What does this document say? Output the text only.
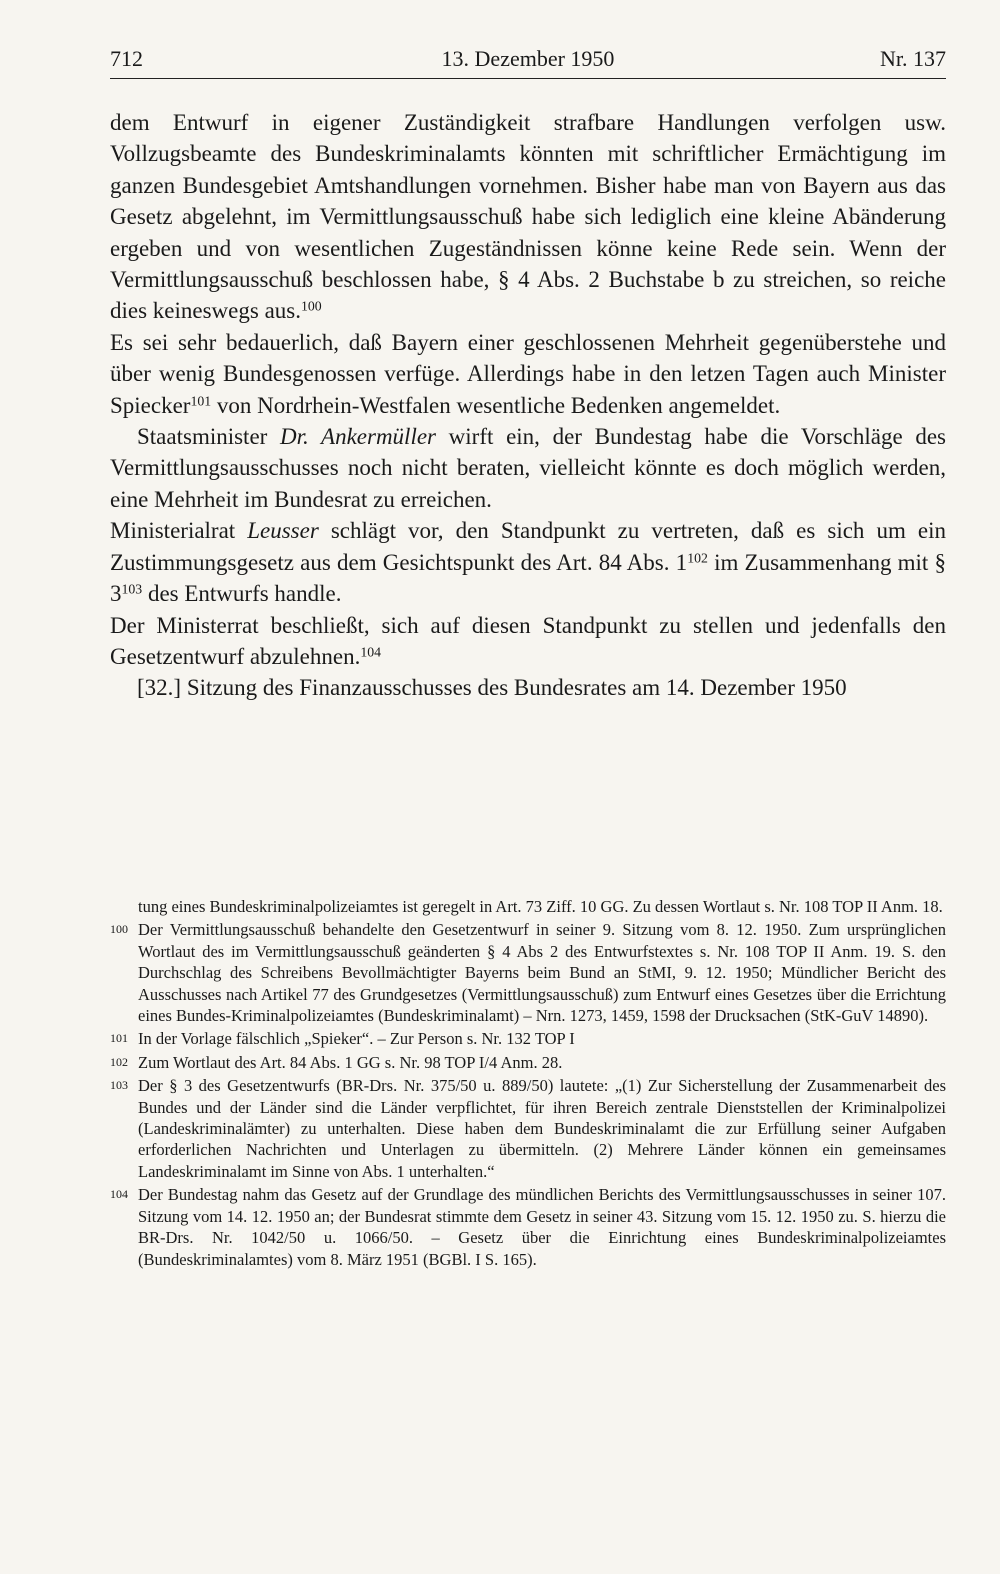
712	13. Dezember 1950	Nr. 137

dem Entwurf in eigener Zuständigkeit strafbare Handlungen verfolgen usw. Vollzugsbeamte des Bundeskriminalamts könnten mit schriftlicher Ermächtigung im ganzen Bundesgebiet Amtshandlungen vornehmen. Bisher habe man von Bayern aus das Gesetz abgelehnt, im Vermittlungsausschuß habe sich lediglich eine kleine Abänderung ergeben und von wesentlichen Zugeständnissen könne keine Rede sein. Wenn der Vermittlungsausschuß beschlossen habe, § 4 Abs. 2 Buchstabe b zu streichen, so reiche dies keineswegs aus.$^{100}$

Es sei sehr bedauerlich, daß Bayern einer geschlossenen Mehrheit gegenüberstehe und über wenig Bundesgenossen verfüge. Allerdings habe in den letzen Tagen auch Minister Spiecker$^{101}$ von Nordrhein-Westfalen wesentliche Bedenken angemeldet.

Staatsminister Dr. Ankermüller wirft ein, der Bundestag habe die Vorschläge des Vermittlungsausschusses noch nicht beraten, vielleicht könnte es doch möglich werden, eine Mehrheit im Bundesrat zu erreichen.

Ministerialrat Leusser schlägt vor, den Standpunkt zu vertreten, daß es sich um ein Zustimmungsgesetz aus dem Gesichtspunkt des Art. 84 Abs. $1^{102}$ im Zusammenhang mit § $3^{103}$ des Entwurfs handle.

Der Ministerrat beschließt, sich auf diesen Standpunkt zu stellen und jedenfalls den Gesetzentwurf abzulehnen.$^{104}$

[32.] Sitzung des Finanzausschusses des Bundesrates am 14. Dezember 1950

tung eines Bundeskriminalpolizeiamtes ist geregelt in Art. 73 Ziff. 10 GG. Zu dessen Wortlaut s. Nr. 108 TOP II Anm. 18.
100 Der Vermittlungsausschuß behandelte den Gesetzentwurf in seiner 9. Sitzung vom 8. 12. 1950. Zum ursprünglichen Wortlaut des im Vermittlungsausschuß geänderten § 4 Abs 2 des Entwurfstextes s. Nr. 108 TOP II Anm. 19. S. den Durchschlag des Schreibens Bevollmächtigter Bayerns beim Bund an StMI, 9. 12. 1950; Mündlicher Bericht des Ausschusses nach Artikel 77 des Grundgesetzes (Vermittlungsausschuß) zum Entwurf eines Gesetzes über die Errichtung eines Bundes-Kriminalpolizeiamtes (Bundeskriminalamt) – Nrn. 1273, 1459, 1598 der Drucksachen (StK-GuV 14890).
101 In der Vorlage fälschlich „Spieker“. – Zur Person s. Nr. 132 TOP I
102 Zum Wortlaut des Art. 84 Abs. 1 GG s. Nr. 98 TOP I/4 Anm. 28.
103 Der § 3 des Gesetzentwurfs (BR-Drs. Nr. 375/50 u. 889/50) lautete: „(1) Zur Sicherstellung der Zusammenarbeit des Bundes und der Länder sind die Länder verpflichtet, für ihren Bereich zentrale Dienststellen der Kriminalpolizei (Landeskriminalämter) zu unterhalten. Diese haben dem Bundeskriminalamt die zur Erfüllung seiner Aufgaben erforderlichen Nachrichten und Unterlagen zu übermitteln. (2) Mehrere Länder können ein gemeinsames Landeskriminalamt im Sinne von Abs. 1 unterhalten.“
104 Der Bundestag nahm das Gesetz auf der Grundlage des mündlichen Berichts des Vermittlungsausschusses in seiner 107. Sitzung vom 14. 12. 1950 an; der Bundesrat stimmte dem Gesetz in seiner 43. Sitzung vom 15. 12. 1950 zu. S. hierzu die BR-Drs. Nr. 1042/50 u. 1066/50. – Gesetz über die Einrichtung eines Bundeskriminalpolizeiamtes (Bundeskriminalamtes) vom 8. März 1951 (BGBl. I S. 165).
